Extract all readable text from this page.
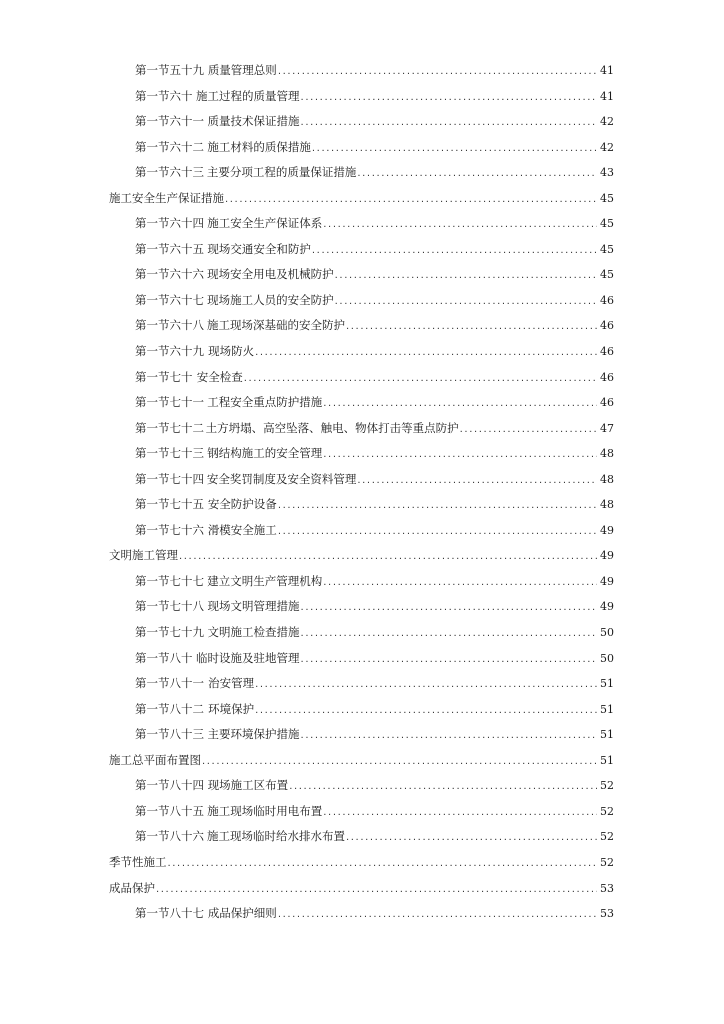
第一节五十九 质量管理总则 .....	41
第一节六十 施工过程的质量管理 .....	41
第一节六十一 质量技术保证措施 .....	42
第一节六十二 施工材料的质保措施 .....	42
第一节六十三 主要分项工程的质量保证措施 .....	43
施工安全生产保证措施 .....	45
第一节六十四 施工安全生产保证体系 .....	45
第一节六十五 现场交通安全和防护 .....	45
第一节六十六 现场安全用电及机械防护 .....	45
第一节六十七 现场施工人员的安全防护 .....	46
第一节六十八 施工现场深基础的安全防护 .....	46
第一节六十九 现场防火 .....	46
第一节七十 安全检查 .....	46
第一节七十一 工程安全重点防护措施 .....	46
第一节七十二 土方坍塌、高空坠落、触电、物体打击等重点防护 .....	47
第一节七十三 钢结构施工的安全管理 .....	48
第一节七十四 安全奖罚制度及安全资料管理 .....	48
第一节七十五 安全防护设备 .....	48
第一节七十六 滑模安全施工 .....	49
文明施工管理 .....	49
第一节七十七 建立文明生产管理机构 .....	49
第一节七十八 现场文明管理措施 .....	49
第一节七十九 文明施工检查措施 .....	50
第一节八十 临时设施及驻地管理 .....	50
第一节八十一 治安管理 .....	51
第一节八十二 环境保护 .....	51
第一节八十三 主要环境保护措施 .....	51
施工总平面布置图 .....	51
第一节八十四 现场施工区布置 .....	52
第一节八十五 施工现场临时用电布置 .....	52
第一节八十六 施工现场临时给水排水布置 .....	52
季节性施工 .....	52
成品保护 .....	53
第一节八十七 成品保护细则 .....	53
